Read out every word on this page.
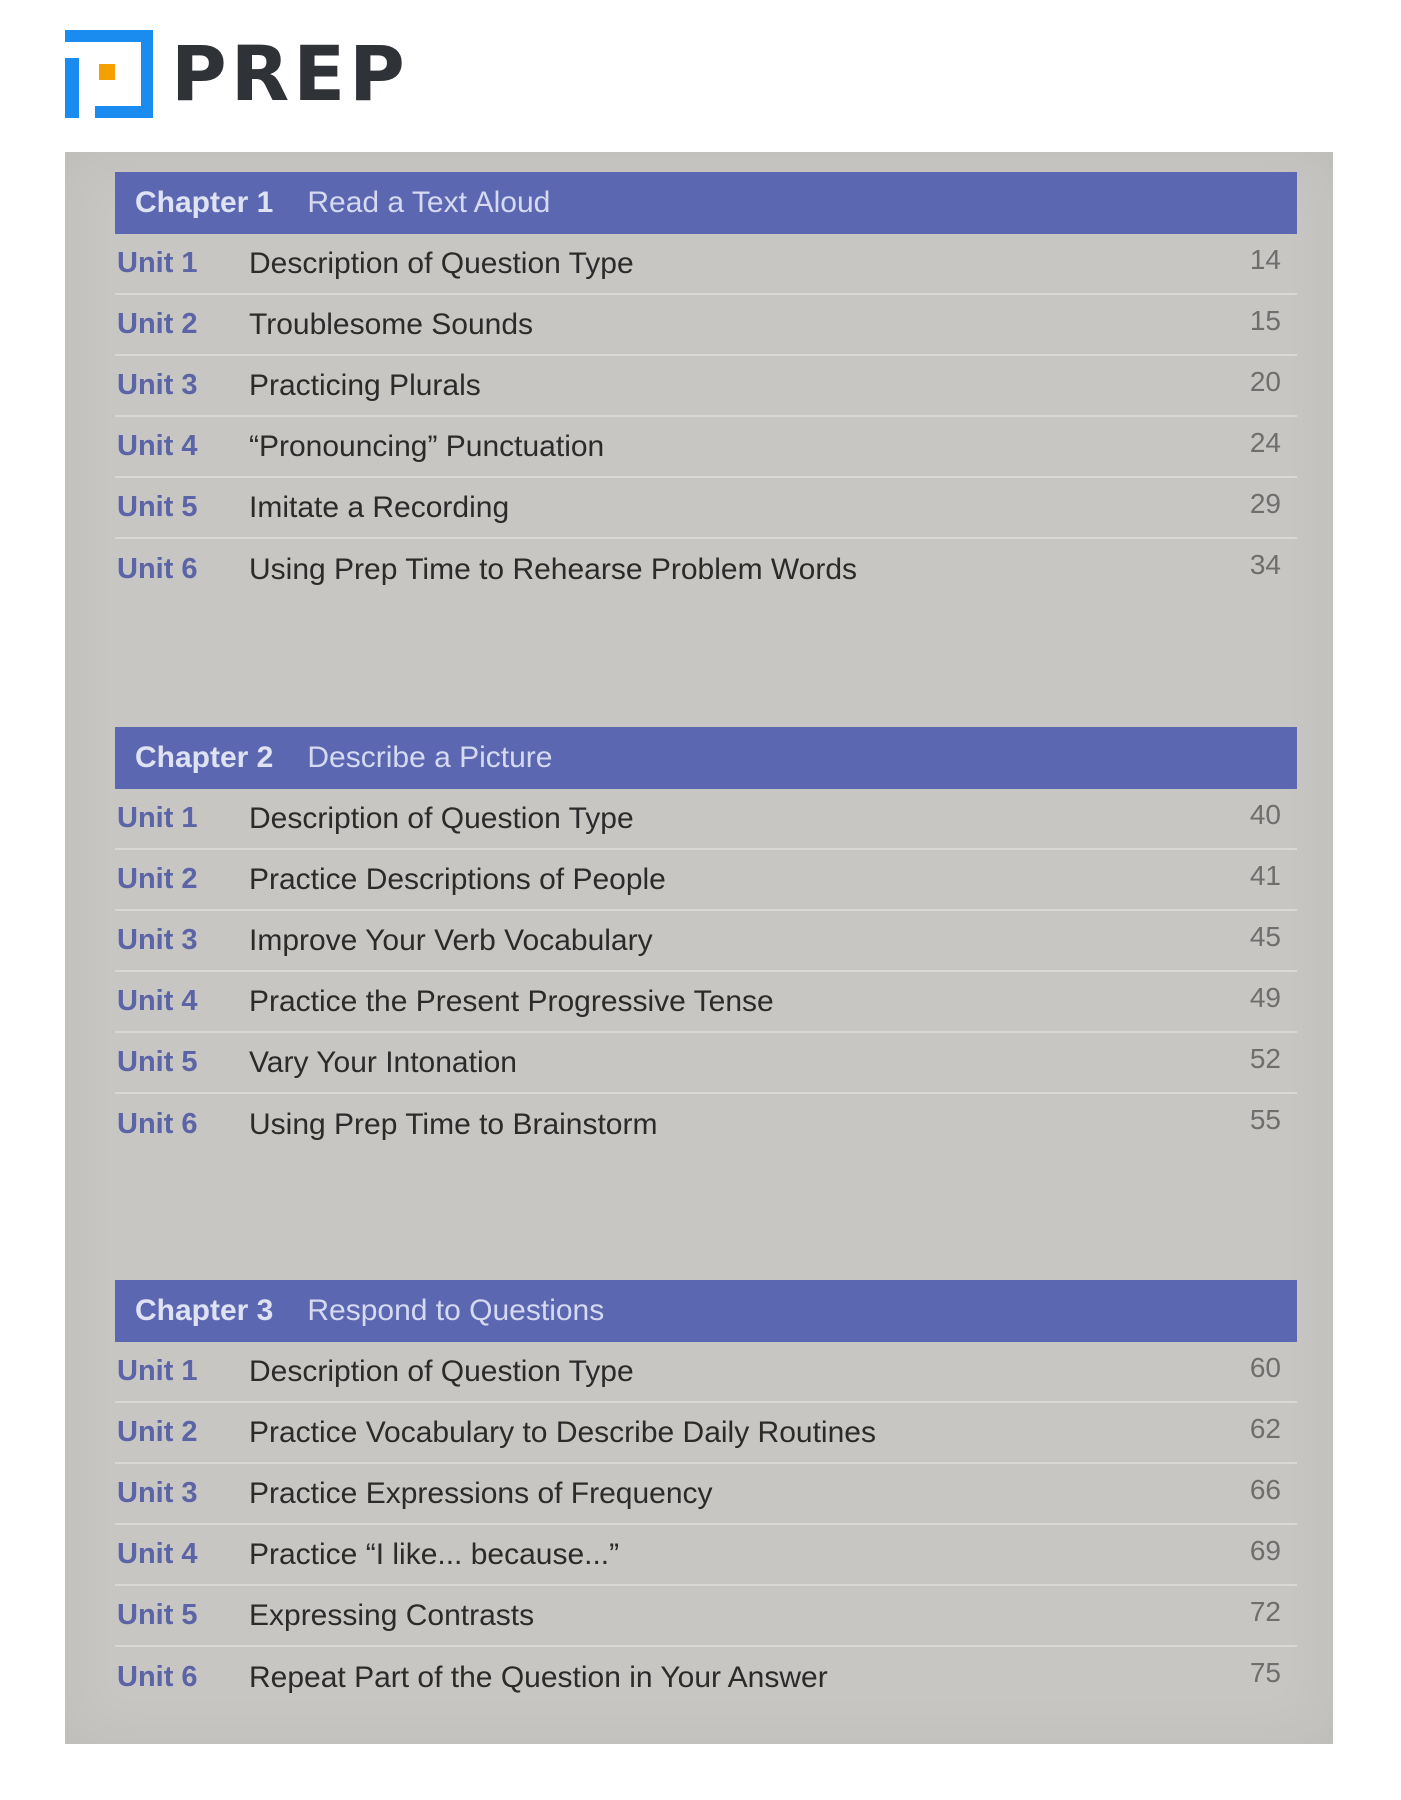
PREP
Chapter 1 Read a Text Aloud
Unit 1	Description of Question Type	14
Unit 2	Troublesome Sounds	15
Unit 3	Practicing Plurals	20
Unit 4	“Pronouncing” Punctuation	24
Unit 5	Imitate a Recording	29
Unit 6	Using Prep Time to Rehearse Problem Words	34
Chapter 2 Describe a Picture
Unit 1	Description of Question Type	40
Unit 2	Practice Descriptions of People	41
Unit 3	Improve Your Verb Vocabulary	45
Unit 4	Practice the Present Progressive Tense	49
Unit 5	Vary Your Intonation	52
Unit 6	Using Prep Time to Brainstorm	55
Chapter 3 Respond to Questions
Unit 1	Description of Question Type	60
Unit 2	Practice Vocabulary to Describe Daily Routines	62
Unit 3	Practice Expressions of Frequency	66
Unit 4	Practice “I like... because...”	69
Unit 5	Expressing Contrasts	72
Unit 6	Repeat Part of the Question in Your Answer	75
